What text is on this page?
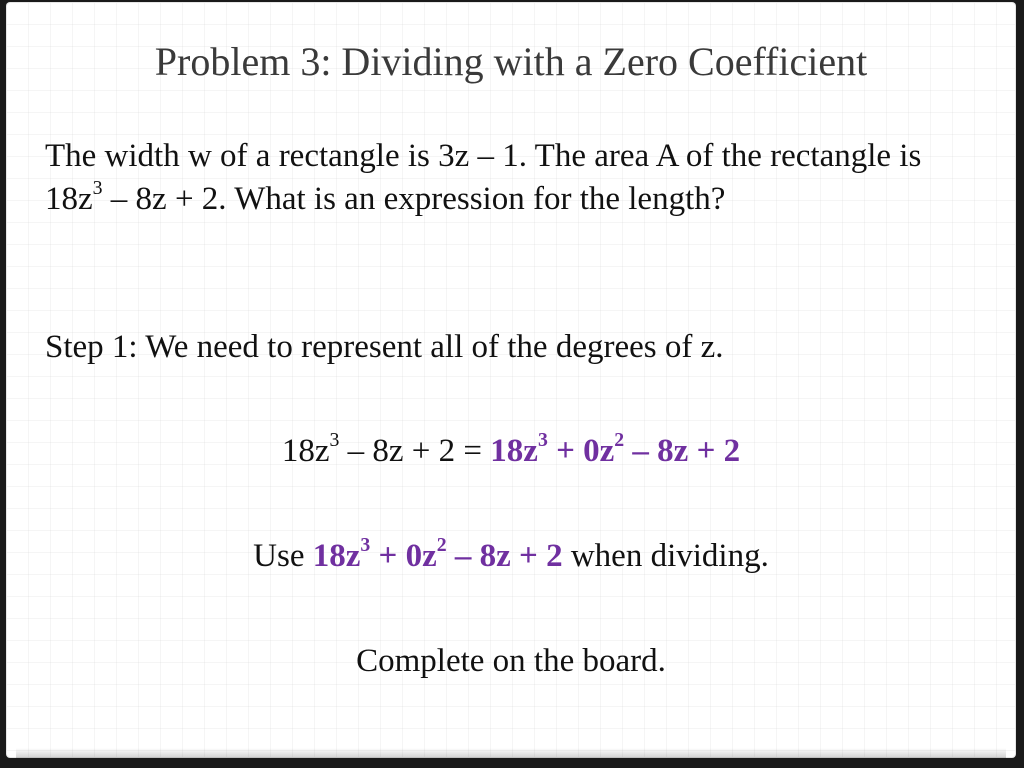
Problem 3: Dividing with a Zero Coefficient
The width w of a rectangle is 3z – 1. The area A of the rectangle is $18z^3 - 8z + 2$. What is an expression for the length?
Step 1: We need to represent all of the degrees of z.
$18z^3 - 8z + 2 = 18z^3 + 0z^2 - 8z + 2$
Use $18z^3 + 0z^2 - 8z + 2$ when dividing.
Complete on the board.
